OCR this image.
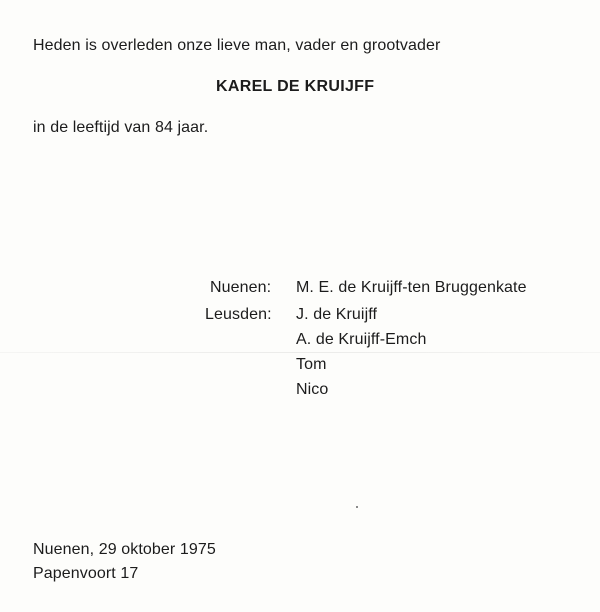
Heden is overleden onze lieve man, vader en grootvader
KAREL DE KRUIJFF
in de leeftijd van 84 jaar.
Nuenen: M. E. de Kruijff-ten Bruggenkate
Leusden: J. de Kruijff
A. de Kruijff-Emch
Tom
Nico
Nuenen, 29 oktober 1975
Papenvoort 17
